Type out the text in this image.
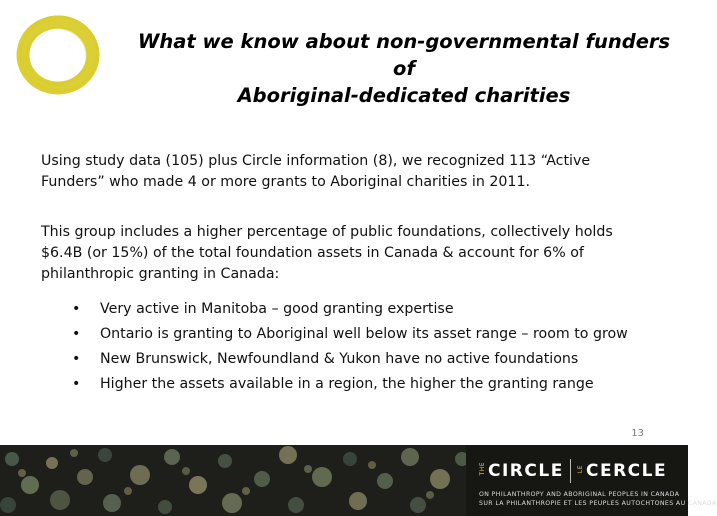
What we know about non-governmental funders of
Aboriginal-dedicated charities
Using study data (105) plus Circle information (8), we recognized 113 “Active Funders” who made 4 or more grants to Aboriginal charities in 2011.
This group includes a higher percentage of public foundations, collectively holds $6.4B (or 15%) of the total foundation assets in Canada & account for 6% of philanthropic granting in Canada:
• Very active in Manitoba – good granting expertise
• Ontario is granting to Aboriginal well below its asset range – room to grow
• New Brunswick, Newfoundland & Yukon have no active foundations
• Higher the assets available in a region, the higher the granting range
13
THE CIRCLE LE CERCLE
ON PHILANTHROPY AND ABORIGINAL PEOPLES IN CANADA
SUR LA PHILANTHROPIE ET LES PEUPLES AUTOCHTONES AU CANADA
